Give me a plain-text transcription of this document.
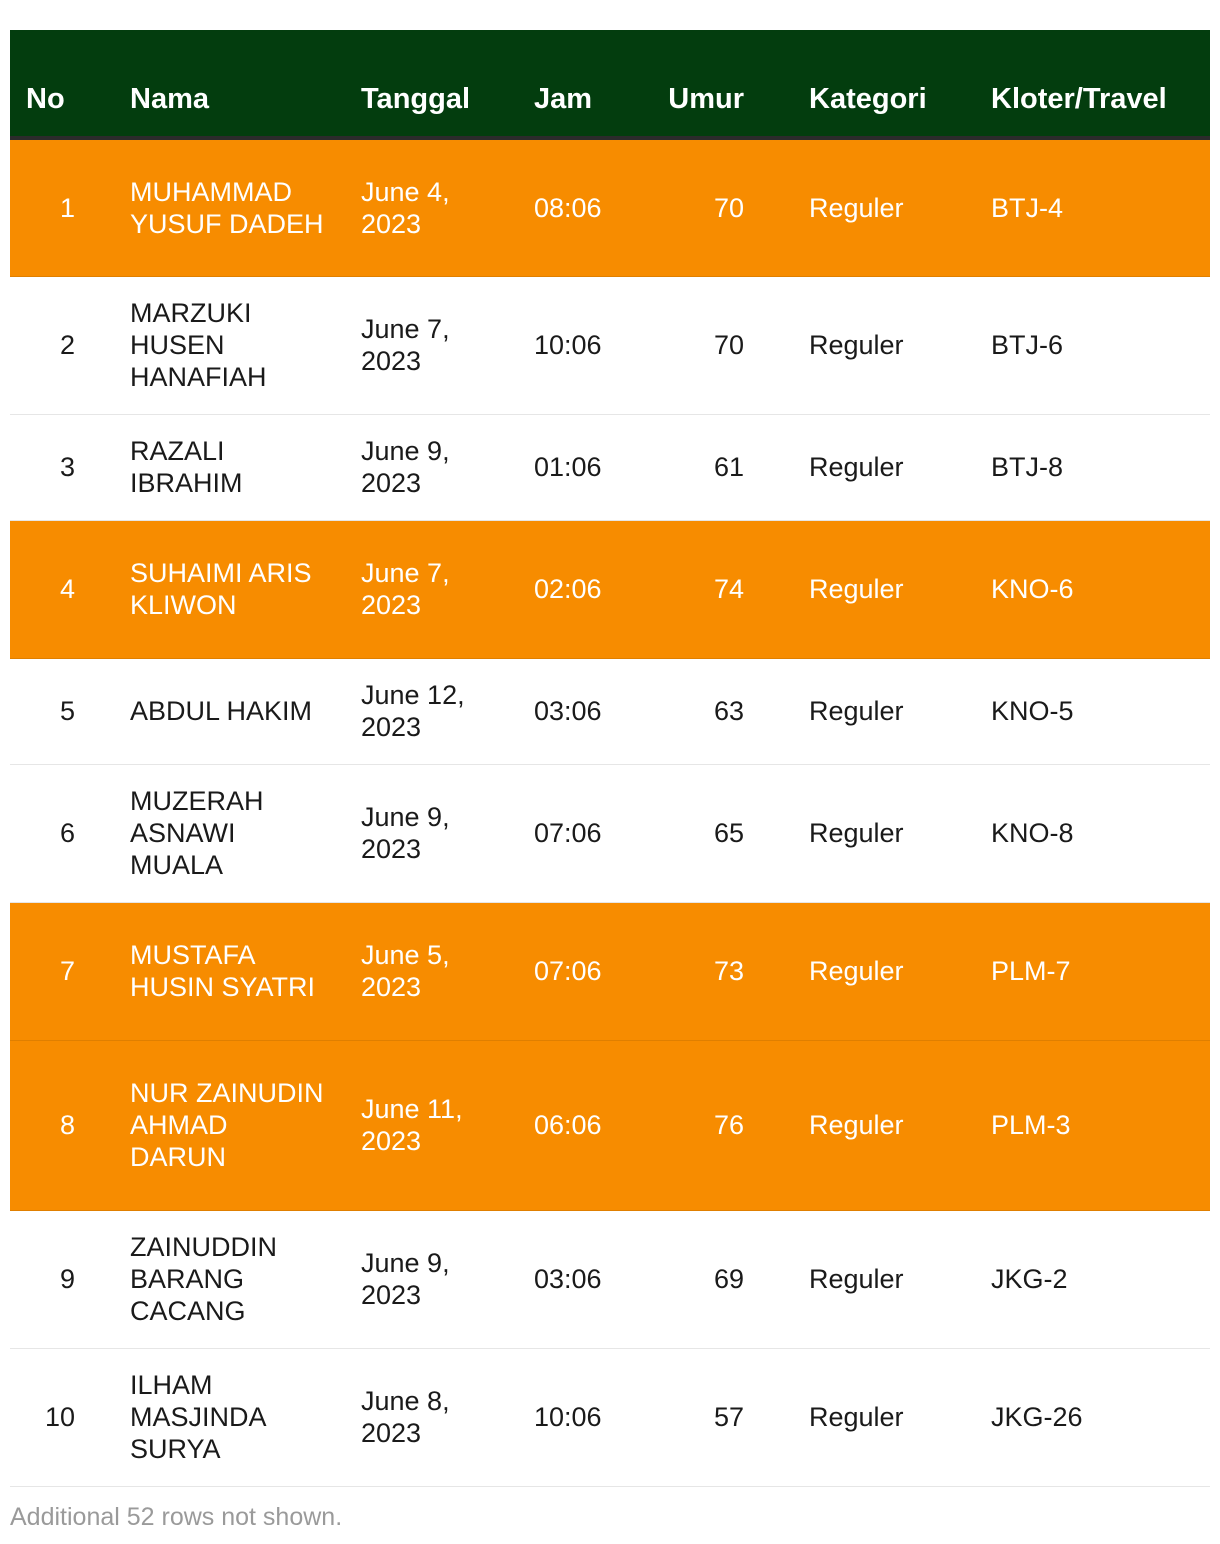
No	Nama	Tanggal	Jam	Umur	Kategori	Kloter/Travel
1	MUHAMMAD YUSUF DADEH	June 4, 2023	08:06	70	Reguler	BTJ-4
2	MARZUKI HUSEN HANAFIAH	June 7, 2023	10:06	70	Reguler	BTJ-6
3	RAZALI IBRAHIM	June 9, 2023	01:06	61	Reguler	BTJ-8
4	SUHAIMI ARIS KLIWON	June 7, 2023	02:06	74	Reguler	KNO-6
5	ABDUL HAKIM	June 12, 2023	03:06	63	Reguler	KNO-5
6	MUZERAH ASNAWI MUALA	June 9, 2023	07:06	65	Reguler	KNO-8
7	MUSTAFA HUSIN SYATRI	June 5, 2023	07:06	73	Reguler	PLM-7
8	NUR ZAINUDIN AHMAD DARUN	June 11, 2023	06:06	76	Reguler	PLM-3
9	ZAINUDDIN BARANG CACANG	June 9, 2023	03:06	69	Reguler	JKG-2
10	ILHAM MASJINDA SURYA	June 8, 2023	10:06	57	Reguler	JKG-26
Additional 52 rows not shown.
